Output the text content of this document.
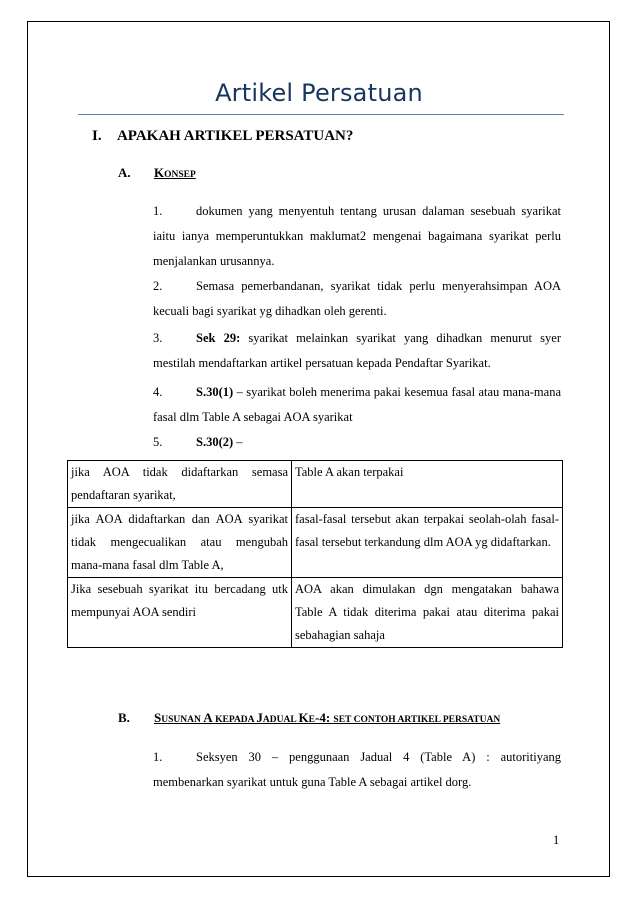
Artikel Persatuan
I. APAKAH ARTIKEL PERSATUAN?
A. KONSEP
1.	dokumen yang menyentuh tentang urusan dalaman sesebuah syarikat iaitu ianya memperuntukkan maklumat2 mengenai bagaimana syarikat perlu menjalankan urusannya.
2.	Semasa pemerbandanan, syarikat tidak perlu menyerahsimpan AOA kecuali bagi syarikat yg dihadkan oleh gerenti.
3.	Sek 29: syarikat melainkan syarikat yang dihadkan menurut syer mestilah mendaftarkan artikel persatuan kepada Pendaftar Syarikat.
4.	S.30(1) – syarikat boleh menerima pakai kesemua fasal atau mana-mana fasal dlm Table A sebagai AOA syarikat
5.	S.30(2) –
jika AOA tidak didaftarkan semasa pendaftaran syarikat,	Table A akan terpakai
jika AOA didaftarkan dan AOA syarikat tidak mengecualikan atau mengubah mana-mana fasal dlm Table A,	fasal-fasal tersebut akan terpakai seolah-olah fasal-fasal tersebut terkandung dlm AOA yg didaftarkan.
Jika sesebuah syarikat itu bercadang utk mempunyai AOA sendiri	AOA akan dimulakan dgn mengatakan bahawa Table A tidak diterima pakai atau diterima pakai sebahagian sahaja
B. SUSUNAN A KEPADA JADUAL KE-4: SET CONTOH ARTIKEL PERSATUAN
1.	Seksyen 30 – penggunaan Jadual 4 (Table A) : autoritiyang membenarkan syarikat untuk guna Table A sebagai artikel dorg.
1
